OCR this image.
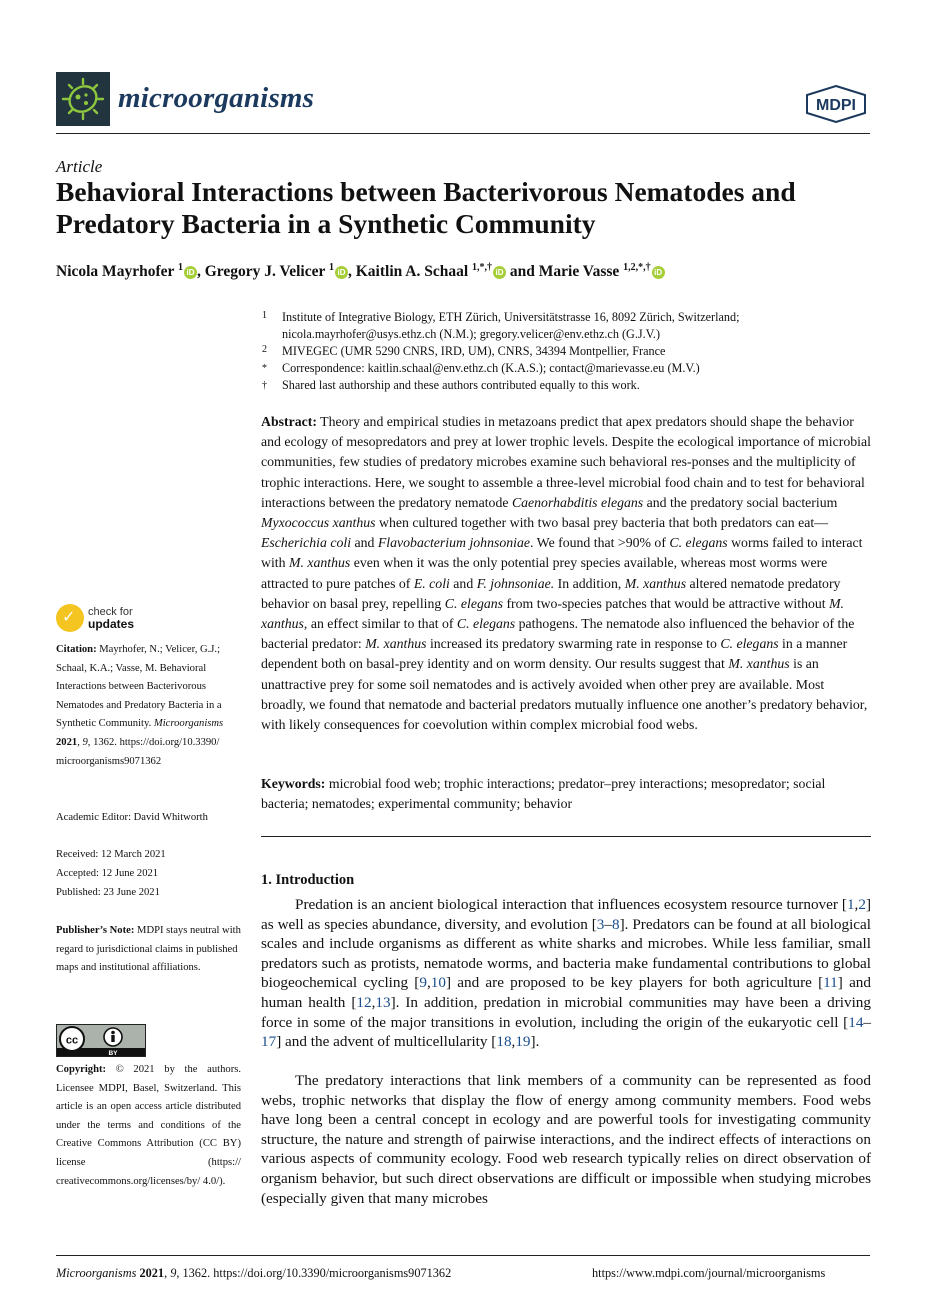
microorganisms	MDPI
Article
Behavioral Interactions between Bacterivorous Nematodes and Predatory Bacteria in a Synthetic Community
Nicola Mayrhofer $^1$ iD , Gregory J. Velicer $^1$ iD , Kaitlin A. Schaal $^{1,*,\dagger}$ iD and Marie Vasse $^{1,2,*,\dagger}$ iD
1	Institute of Integrative Biology, ETH Zürich, Universitätstrasse 16, 8092 Zürich, Switzerland;
nicola.mayrhofer@usys.ethz.ch (N.M.); gregory.velicer@env.ethz.ch (G.J.V.)
2	MIVEGEC (UMR 5290 CNRS, IRD, UM), CNRS, 34394 Montpellier, France
*	Correspondence: kaitlin.schaal@env.ethz.ch (K.A.S.); contact@marievasse.eu (M.V.)
†	Shared last authorship and these authors contributed equally to this work.
Abstract: Theory and empirical studies in metazoans predict that apex predators should shape the behavior and ecology of mesopredators and prey at lower trophic levels. Despite the ecological importance of microbial communities, few studies of predatory microbes examine such behavioral res-ponses and the multiplicity of trophic interactions. Here, we sought to assemble a three-level microbial food chain and to test for behavioral interactions between the predatory nematode Caenorhabditis elegans and the predatory social bacterium Myxococcus xanthus when cultured together with two basal prey bacteria that both predators can eat—Escherichia coli and Flavobacterium johnsoniae. We found that >90% of C. elegans worms failed to interact with M. xanthus even when it was the only potential prey species available, whereas most worms were attracted to pure patches of E. coli and F. johnsoniae. In addition, M. xanthus altered nematode predatory behavior on basal prey, repelling C. elegans from two-species patches that would be attractive without M. xanthus, an effect similar to that of C. elegans pathogens. The nematode also influenced the behavior of the bacterial predator: M. xanthus increased its predatory swarming rate in response to C. elegans in a manner dependent both on basal-prey identity and on worm density. Our results suggest that M. xanthus is an unattractive prey for some soil nematodes and is actively avoided when other prey are available. Most broadly, we found that nematode and bacterial predators mutually influence one another’s predatory behavior, with likely consequences for coevolution within complex microbial food webs.
Keywords: microbial food web; trophic interactions; predator–prey interactions; mesopredator; social bacteria; nematodes; experimental community; behavior
1. Introduction

Predation is an ancient biological interaction that influences ecosystem resource turnover [1,2] as well as species abundance, diversity, and evolution [3–8]. Predators can be found at all biological scales and include organisms as different as white sharks and microbes. While less familiar, small predators such as protists, nematode worms, and bacteria make fundamental contributions to global biogeochemical cycling [9,10] and are proposed to be key players for both agriculture [11] and human health [12,13]. In addition, predation in microbial communities may have been a driving force in some of the major transitions in evolution, including the origin of the eukaryotic cell [14–17] and the advent of multicellularity [18,19].

The predatory interactions that link members of a community can be represented as food webs, trophic networks that display the flow of energy among community members. Food webs have long been a central concept in ecology and are powerful tools for investigating community structure, the nature and strength of pairwise interactions, and the indirect effects of interactions on various aspects of community ecology. Food web research typically relies on direct observation of organism behavior, but such direct observations are difficult or impossible when studying microbes (especially given that many microbes

✓ check for
updates
Citation: Mayrhofer, N.; Velicer, G.J.; Schaal, K.A.; Vasse, M. Behavioral Interactions between Bacterivorous Nematodes and Predatory Bacteria in a Synthetic Community. Microorganisms 2021, 9, 1362. https://doi.org/10.3390/ microorganisms9071362
Academic Editor: David Whitworth
Received: 12 March 2021
Accepted: 12 June 2021
Published: 23 June 2021
Publisher’s Note: MDPI stays neutral with regard to jurisdictional claims in published maps and institutional affiliations.
cc
BY
Copyright: © 2021 by the authors. Licensee MDPI, Basel, Switzerland. This article is an open access article distributed under the terms and conditions of the Creative Commons Attribution (CC BY) license (https:// creativecommons.org/licenses/by/ 4.0/).
Microorganisms 2021, 9, 1362. https://doi.org/10.3390/microorganisms9071362	https://www.mdpi.com/journal/microorganisms
